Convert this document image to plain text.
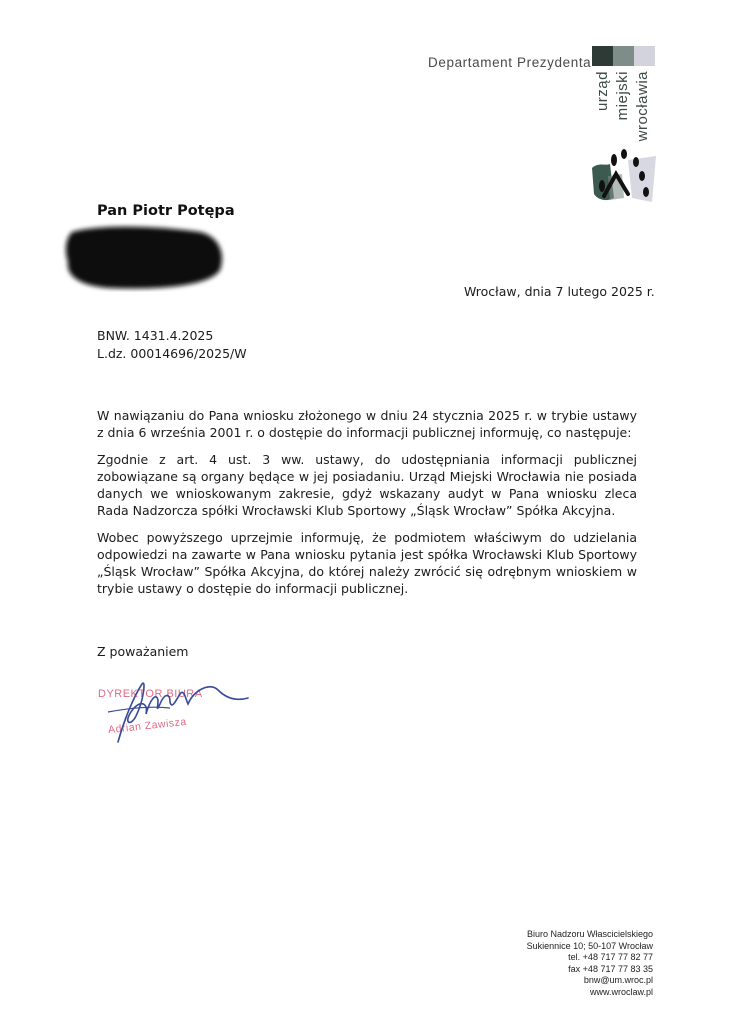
Departament Prezydenta
urząd miejski wrocławia
Pan Piotr Potępa
Wrocław, dnia 7 lutego 2025 r.
BNW. 1431.4.2025
L.dz. 00014696/2025/W

W nawiązaniu do Pana wniosku złożonego w dniu 24 stycznia 2025 r. w trybie ustawy z dnia 6 września 2001 r. o dostępie do informacji publicznej informuję, co następuje:

Zgodnie z art. 4 ust. 3 ww. ustawy, do udostępniania informacji publicznej zobowiązane są organy będące w jej posiadaniu. Urząd Miejski Wrocławia nie posiada danych we wnioskowanym zakresie, gdyż wskazany audyt w Pana wniosku zleca Rada Nadzorcza spółki Wrocławski Klub Sportowy „Śląsk Wrocław” Spółka Akcyjna.

Wobec powyższego uprzejmie informuję, że podmiotem właściwym do udzielania odpowiedzi na zawarte w Pana wniosku pytania jest spółka Wrocławski Klub Sportowy „Śląsk Wrocław” Spółka Akcyjna, do której należy zwrócić się odrębnym wnioskiem w trybie ustawy o dostępie do informacji publicznej.

Z poważaniem
DYREKTOR BIURA
Adrian Zawisza
Biuro Nadzoru Włascicielskiego
Sukiennice 10; 50-107 Wrocław
tel. +48 717 77 82 77
fax +48 717 77 83 35
bnw@um.wroc.pl
www.wroclaw.pl
